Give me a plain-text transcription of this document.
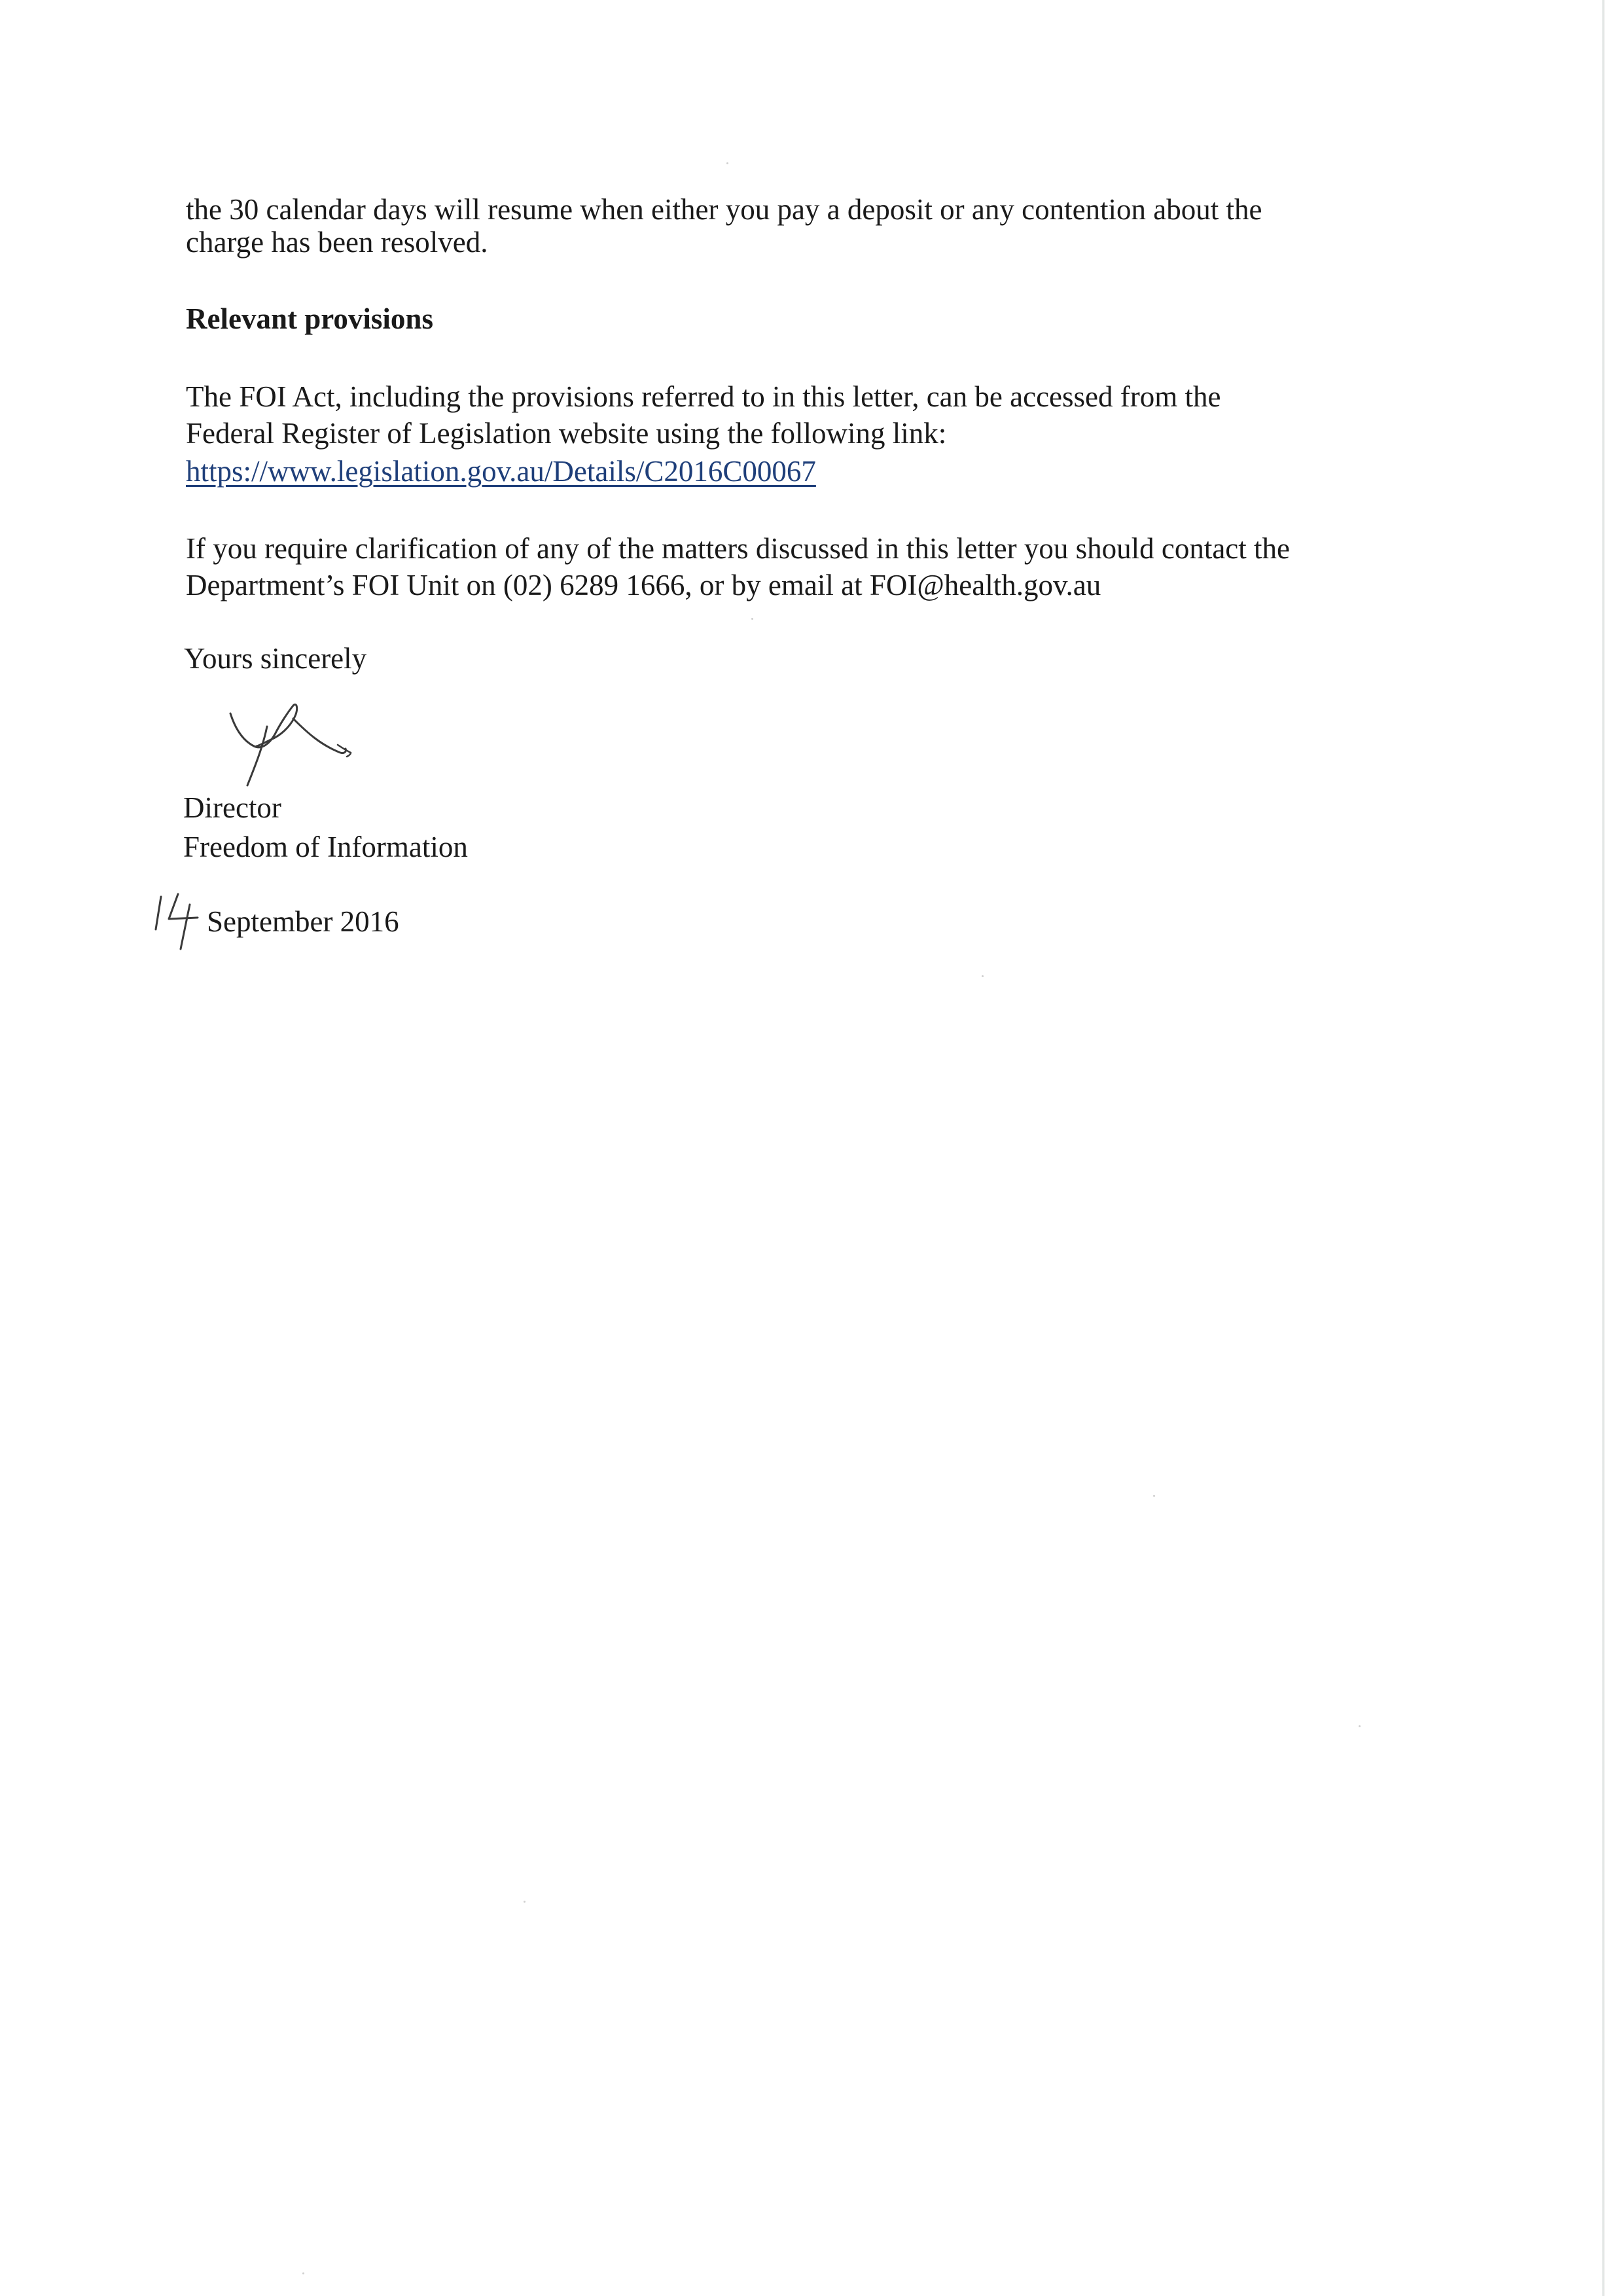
the 30 calendar days will resume when either you pay a deposit or any contention about the
charge has been resolved.
Relevant provisions
The FOI Act, including the provisions referred to in this letter, can be accessed from the
Federal Register of Legislation website using the following link:
https://www.legislation.gov.au/Details/C2016C00067
If you require clarification of any of the matters discussed in this letter you should contact the
Department’s FOI Unit on (02) 6289 1666, or by email at FOI@health.gov.au
Yours sincerely
Director
Freedom of Information
September 2016
